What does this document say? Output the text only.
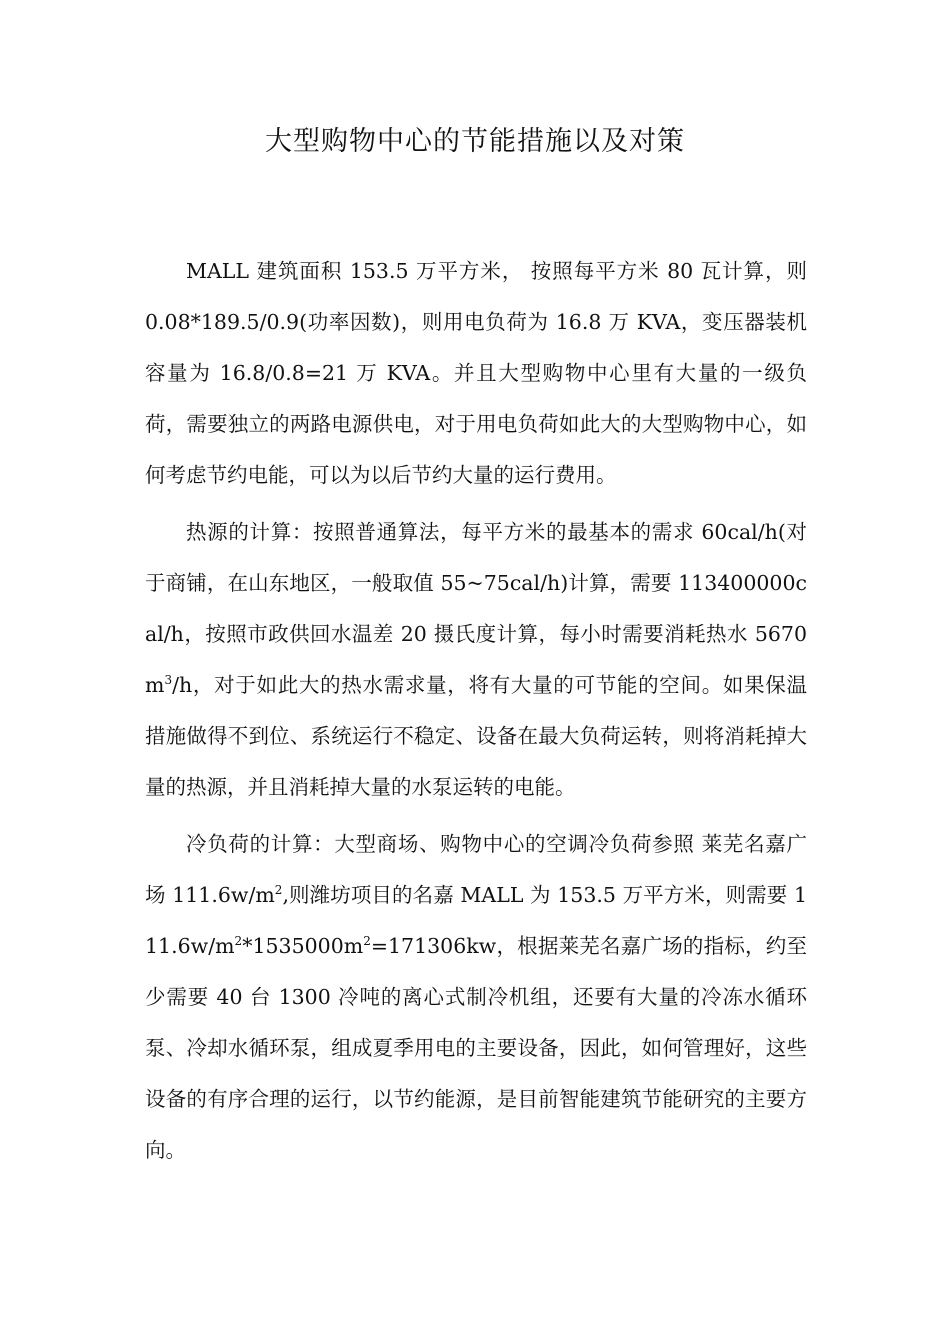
大型购物中心的节能措施以及对策

MALL 建筑面积 153.5 万平方米， 按照每平方米 80 瓦计算，则 0.08*189.5/0.9(功率因数)，则用电负荷为 16.8 万 KVA，变压器装机容量为 16.8/0.8=21 万 KVA。并且大型购物中心里有大量的一级负荷，需要独立的两路电源供电，对于用电负荷如此大的大型购物中心，如何考虑节约电能，可以为以后节约大量的运行费用。

热源的计算：按照普通算法，每平方米的最基本的需求 60cal/h(对于商铺，在山东地区，一般取值 55~75cal/h)计算，需要 113400000cal/h，按照市政供回水温差 20 摄氏度计算，每小时需要消耗热水 $5670m^3/h$，对于如此大的热水需求量，将有大量的可节能的空间。如果保温措施做得不到位、系统运行不稳定、设备在最大负荷运转，则将消耗掉大量的热源，并且消耗掉大量的水泵运转的电能。

冷负荷的计算：大型商场、购物中心的空调冷负荷参照 莱芜名嘉广场 $111.6w/m^2$,则潍坊项目的名嘉 MALL 为 153.5 万平方米，则需要 $111.6w/m^2*1535000m^2=171306kw$，根据莱芜名嘉广场的指标，约至少需要 40 台 1300 冷吨的离心式制冷机组，还要有大量的冷冻水循环泵、冷却水循环泵，组成夏季用电的主要设备，因此，如何管理好，这些设备的有序合理的运行，以节约能源，是目前智能建筑节能研究的主要方向。
